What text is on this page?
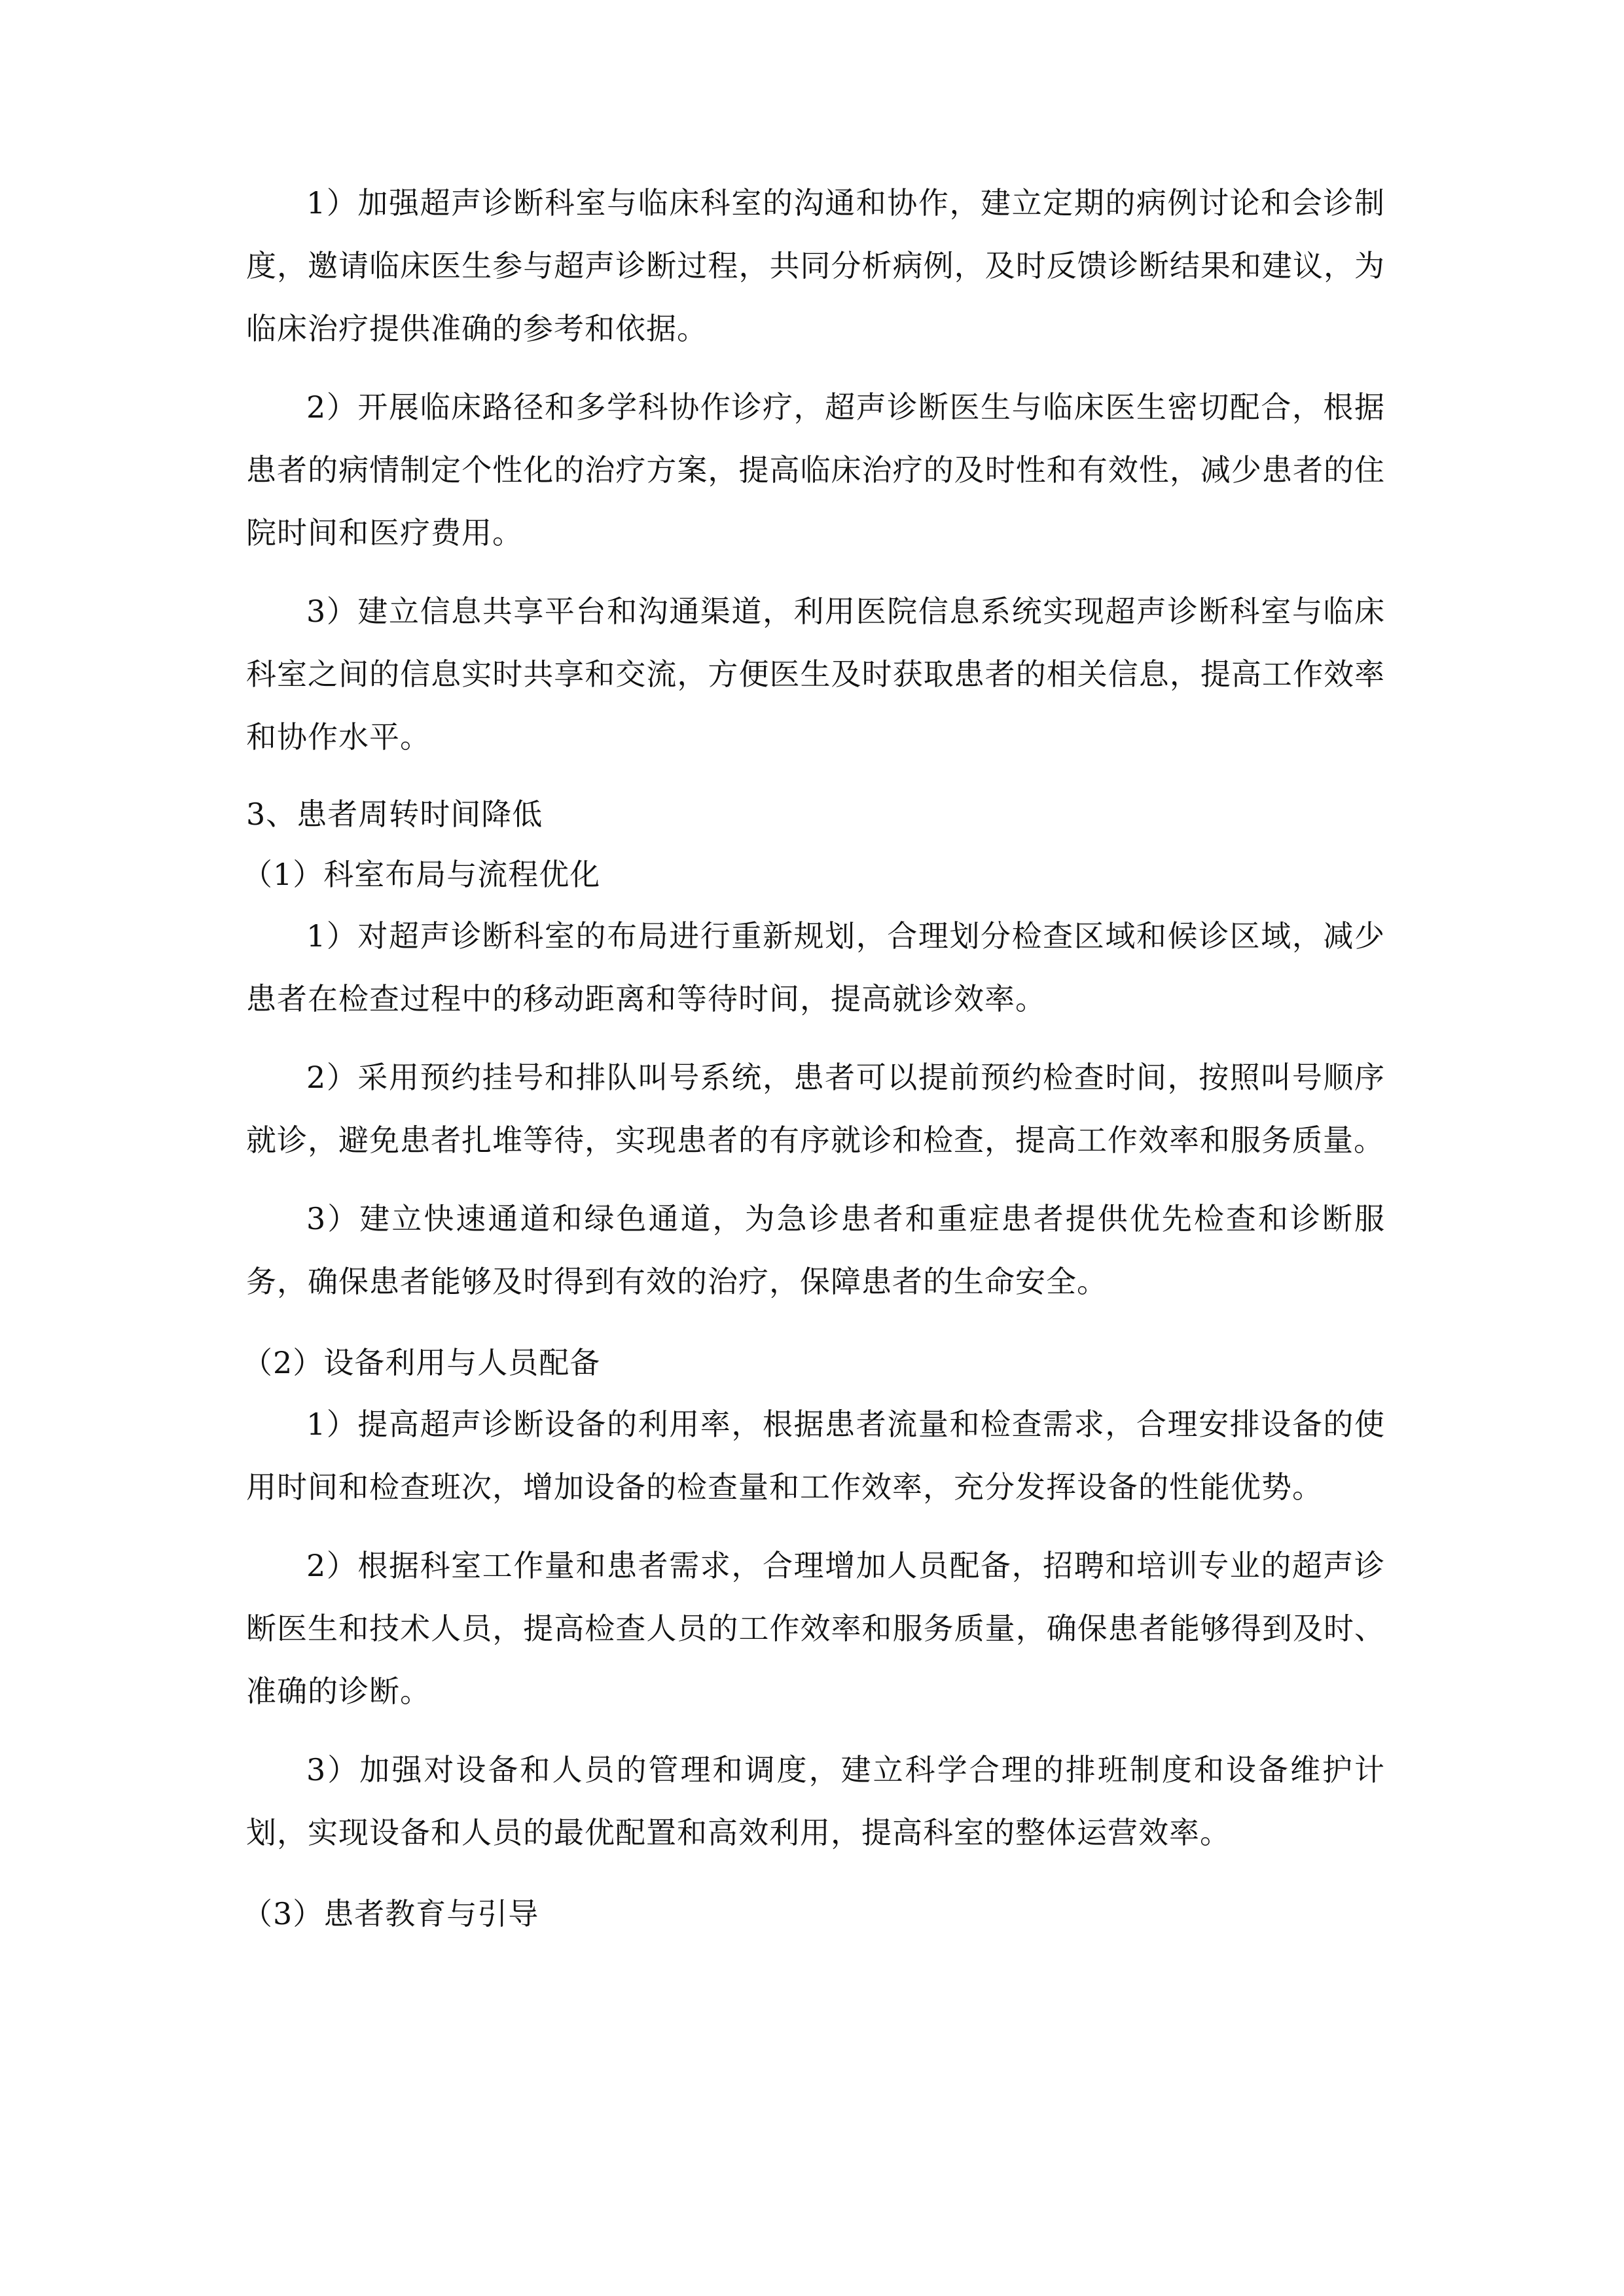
1）加强超声诊断科室与临床科室的沟通和协作，建立定期的病例讨论和会诊制度，邀请临床医生参与超声诊断过程，共同分析病例，及时反馈诊断结果和建议，为临床治疗提供准确的参考和依据。

2）开展临床路径和多学科协作诊疗，超声诊断医生与临床医生密切配合，根据患者的病情制定个性化的治疗方案，提高临床治疗的及时性和有效性，减少患者的住院时间和医疗费用。

3）建立信息共享平台和沟通渠道，利用医院信息系统实现超声诊断科室与临床科室之间的信息实时共享和交流，方便医生及时获取患者的相关信息，提高工作效率和协作水平。

3、患者周转时间降低

（1）科室布局与流程优化

1）对超声诊断科室的布局进行重新规划，合理划分检查区域和候诊区域，减少患者在检查过程中的移动距离和等待时间，提高就诊效率。

2）采用预约挂号和排队叫号系统，患者可以提前预约检查时间，按照叫号顺序就诊，避免患者扎堆等待，实现患者的有序就诊和检查，提高工作效率和服务质量。

3）建立快速通道和绿色通道，为急诊患者和重症患者提供优先检查和诊断服务，确保患者能够及时得到有效的治疗，保障患者的生命安全。

（2）设备利用与人员配备

1）提高超声诊断设备的利用率，根据患者流量和检查需求，合理安排设备的使用时间和检查班次，增加设备的检查量和工作效率，充分发挥设备的性能优势。

2）根据科室工作量和患者需求，合理增加人员配备，招聘和培训专业的超声诊断医生和技术人员，提高检查人员的工作效率和服务质量，确保患者能够得到及时、准确的诊断。

3）加强对设备和人员的管理和调度，建立科学合理的排班制度和设备维护计划，实现设备和人员的最优配置和高效利用，提高科室的整体运营效率。

（3）患者教育与引导
